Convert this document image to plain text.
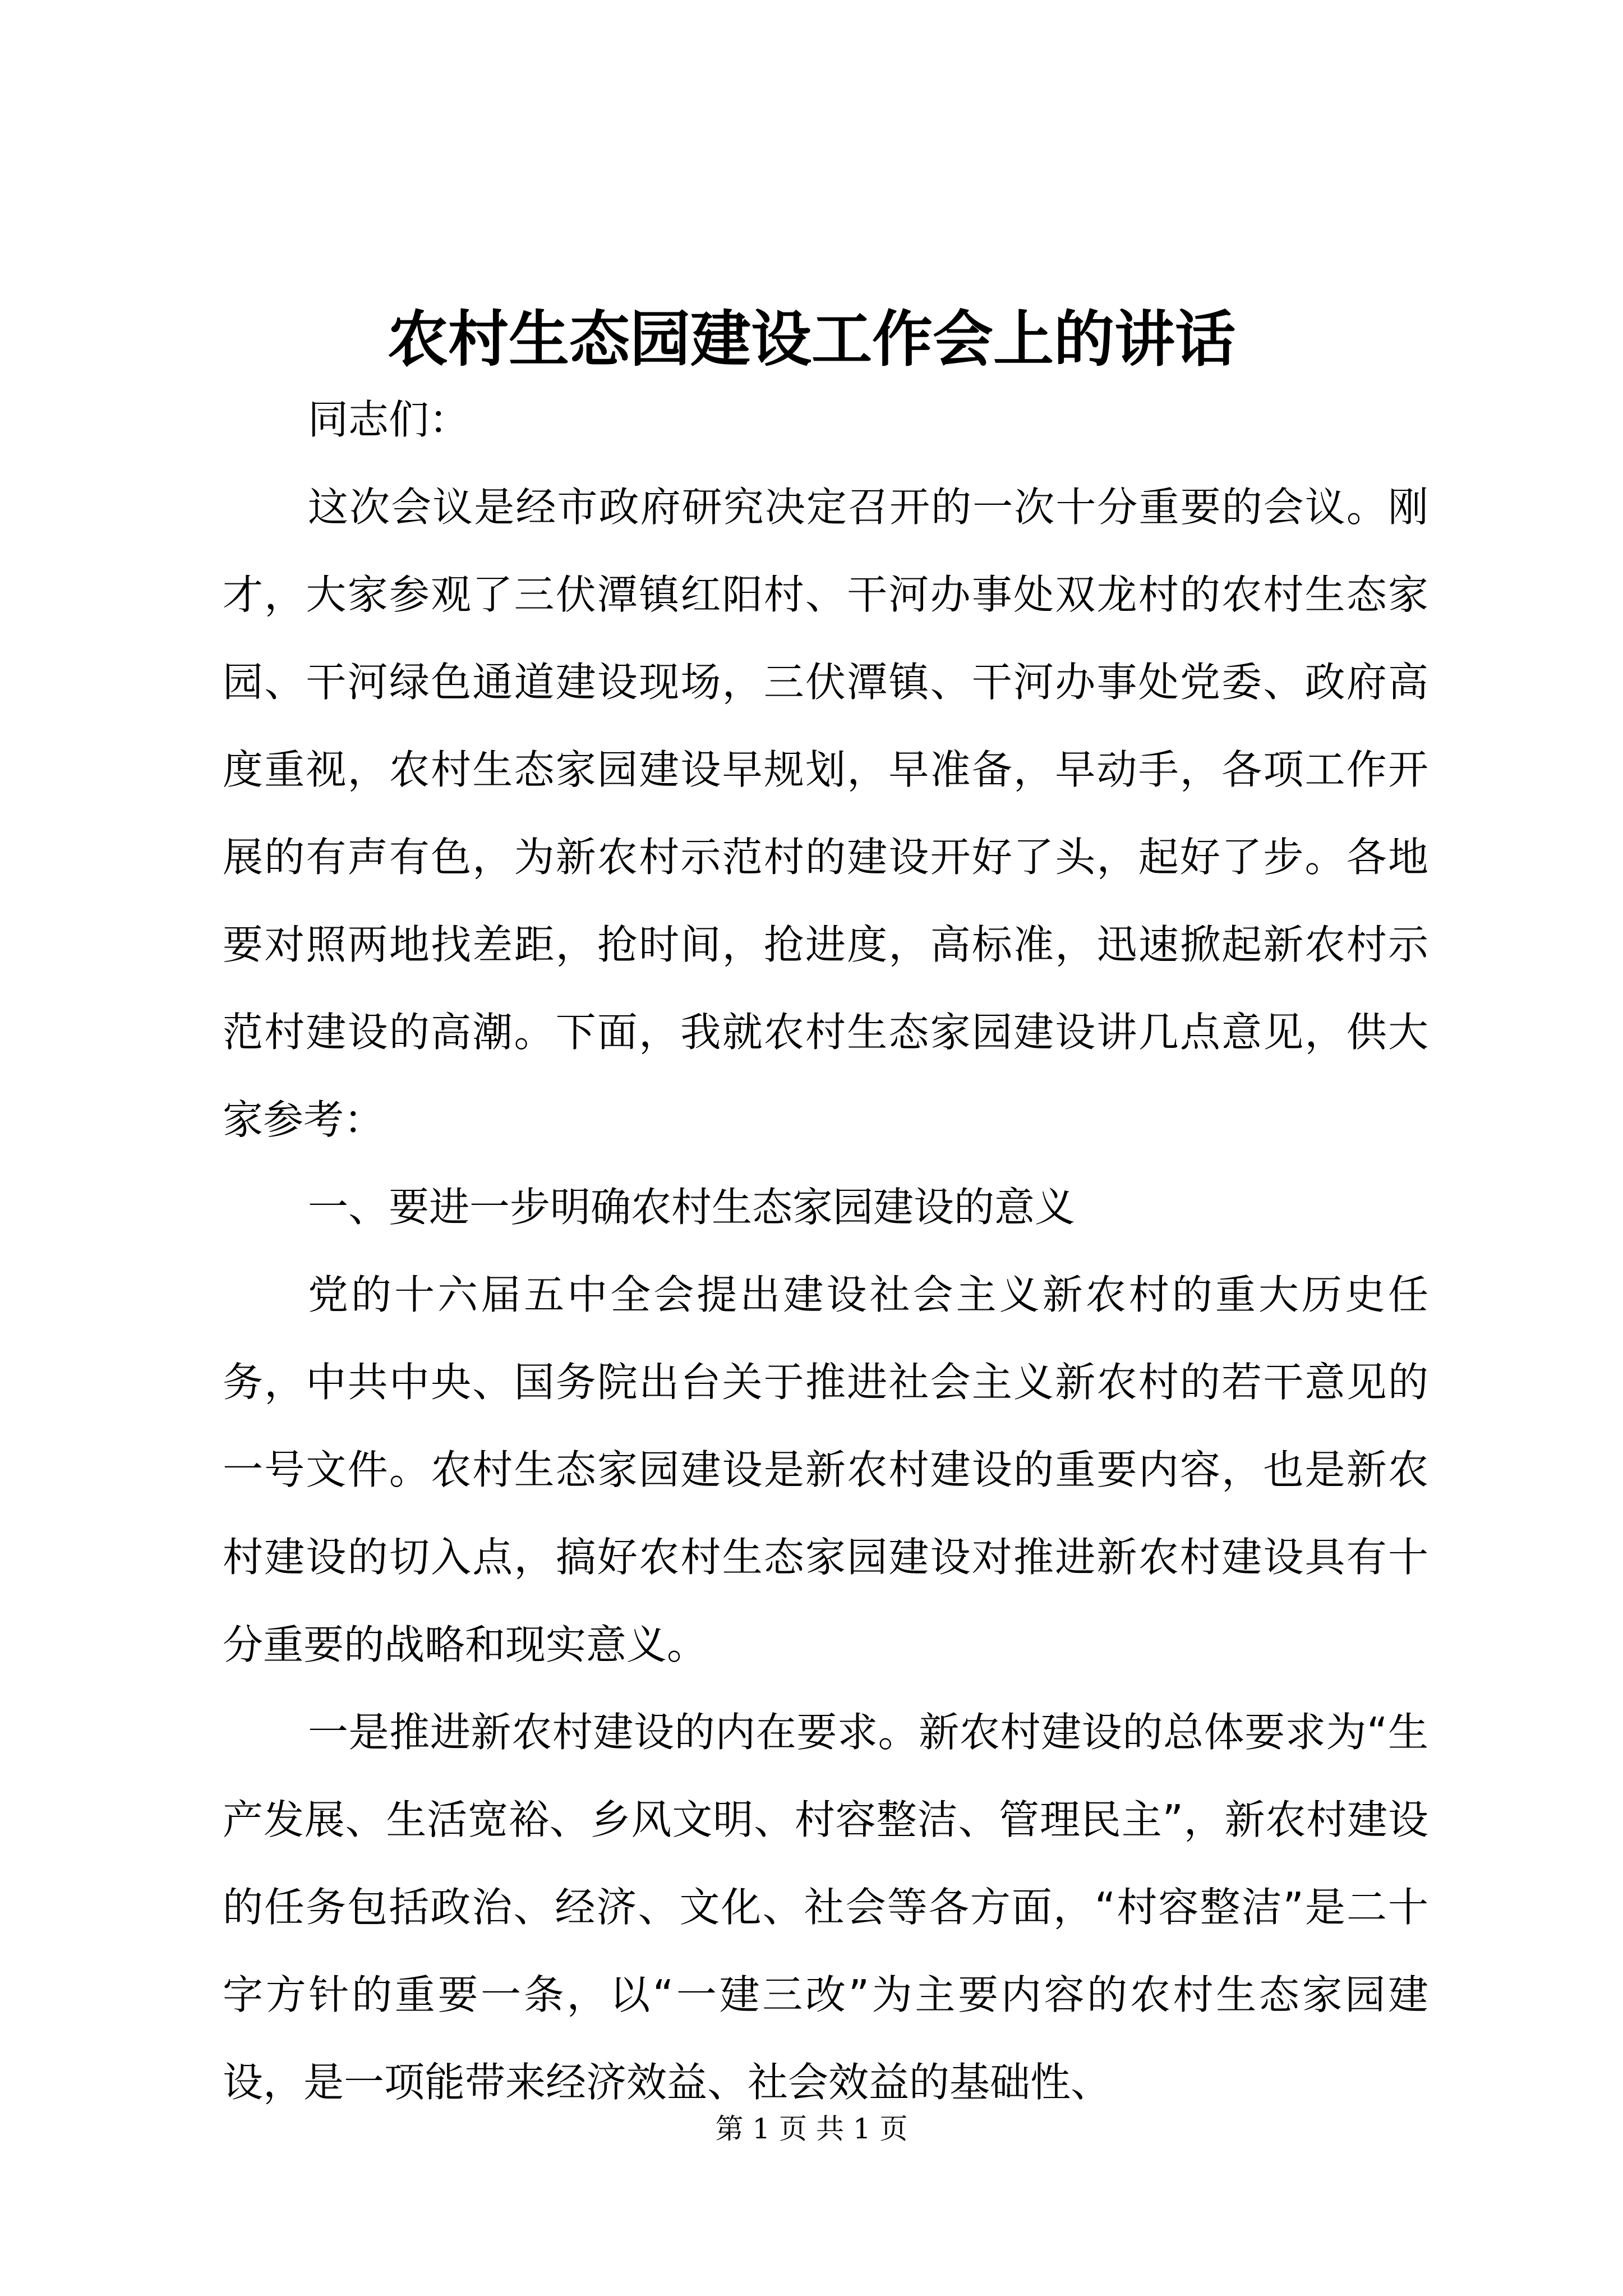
农村生态园建设工作会上的讲话

同志们：

这次会议是经市政府研究决定召开的一次十分重要的会议。刚才，大家参观了三伏潭镇红阳村、干河办事处双龙村的农村生态家园、干河绿色通道建设现场，三伏潭镇、干河办事处党委、政府高度重视，农村生态家园建设早规划，早准备，早动手，各项工作开展的有声有色，为新农村示范村的建设开好了头，起好了步。各地要对照两地找差距，抢时间，抢进度，高标准，迅速掀起新农村示范村建设的高潮。下面，我就农村生态家园建设讲几点意见，供大家参考：

一、要进一步明确农村生态家园建设的意义

党的十六届五中全会提出建设社会主义新农村的重大历史任务，中共中央、国务院出台关于推进社会主义新农村的若干意见的一号文件。农村生态家园建设是新农村建设的重要内容，也是新农村建设的切入点，搞好农村生态家园建设对推进新农村建设具有十分重要的战略和现实意义。

一是推进新农村建设的内在要求。新农村建设的总体要求为“生产发展、生活宽裕、乡风文明、村容整洁、管理民主”，新农村建设的任务包括政治、经济、文化、社会等各方面，“村容整洁”是二十字方针的重要一条，以“一建三改”为主要内容的农村生态家园建设，是一项能带来经济效益、社会效益的基础性、

第 1 页 共 1 页
